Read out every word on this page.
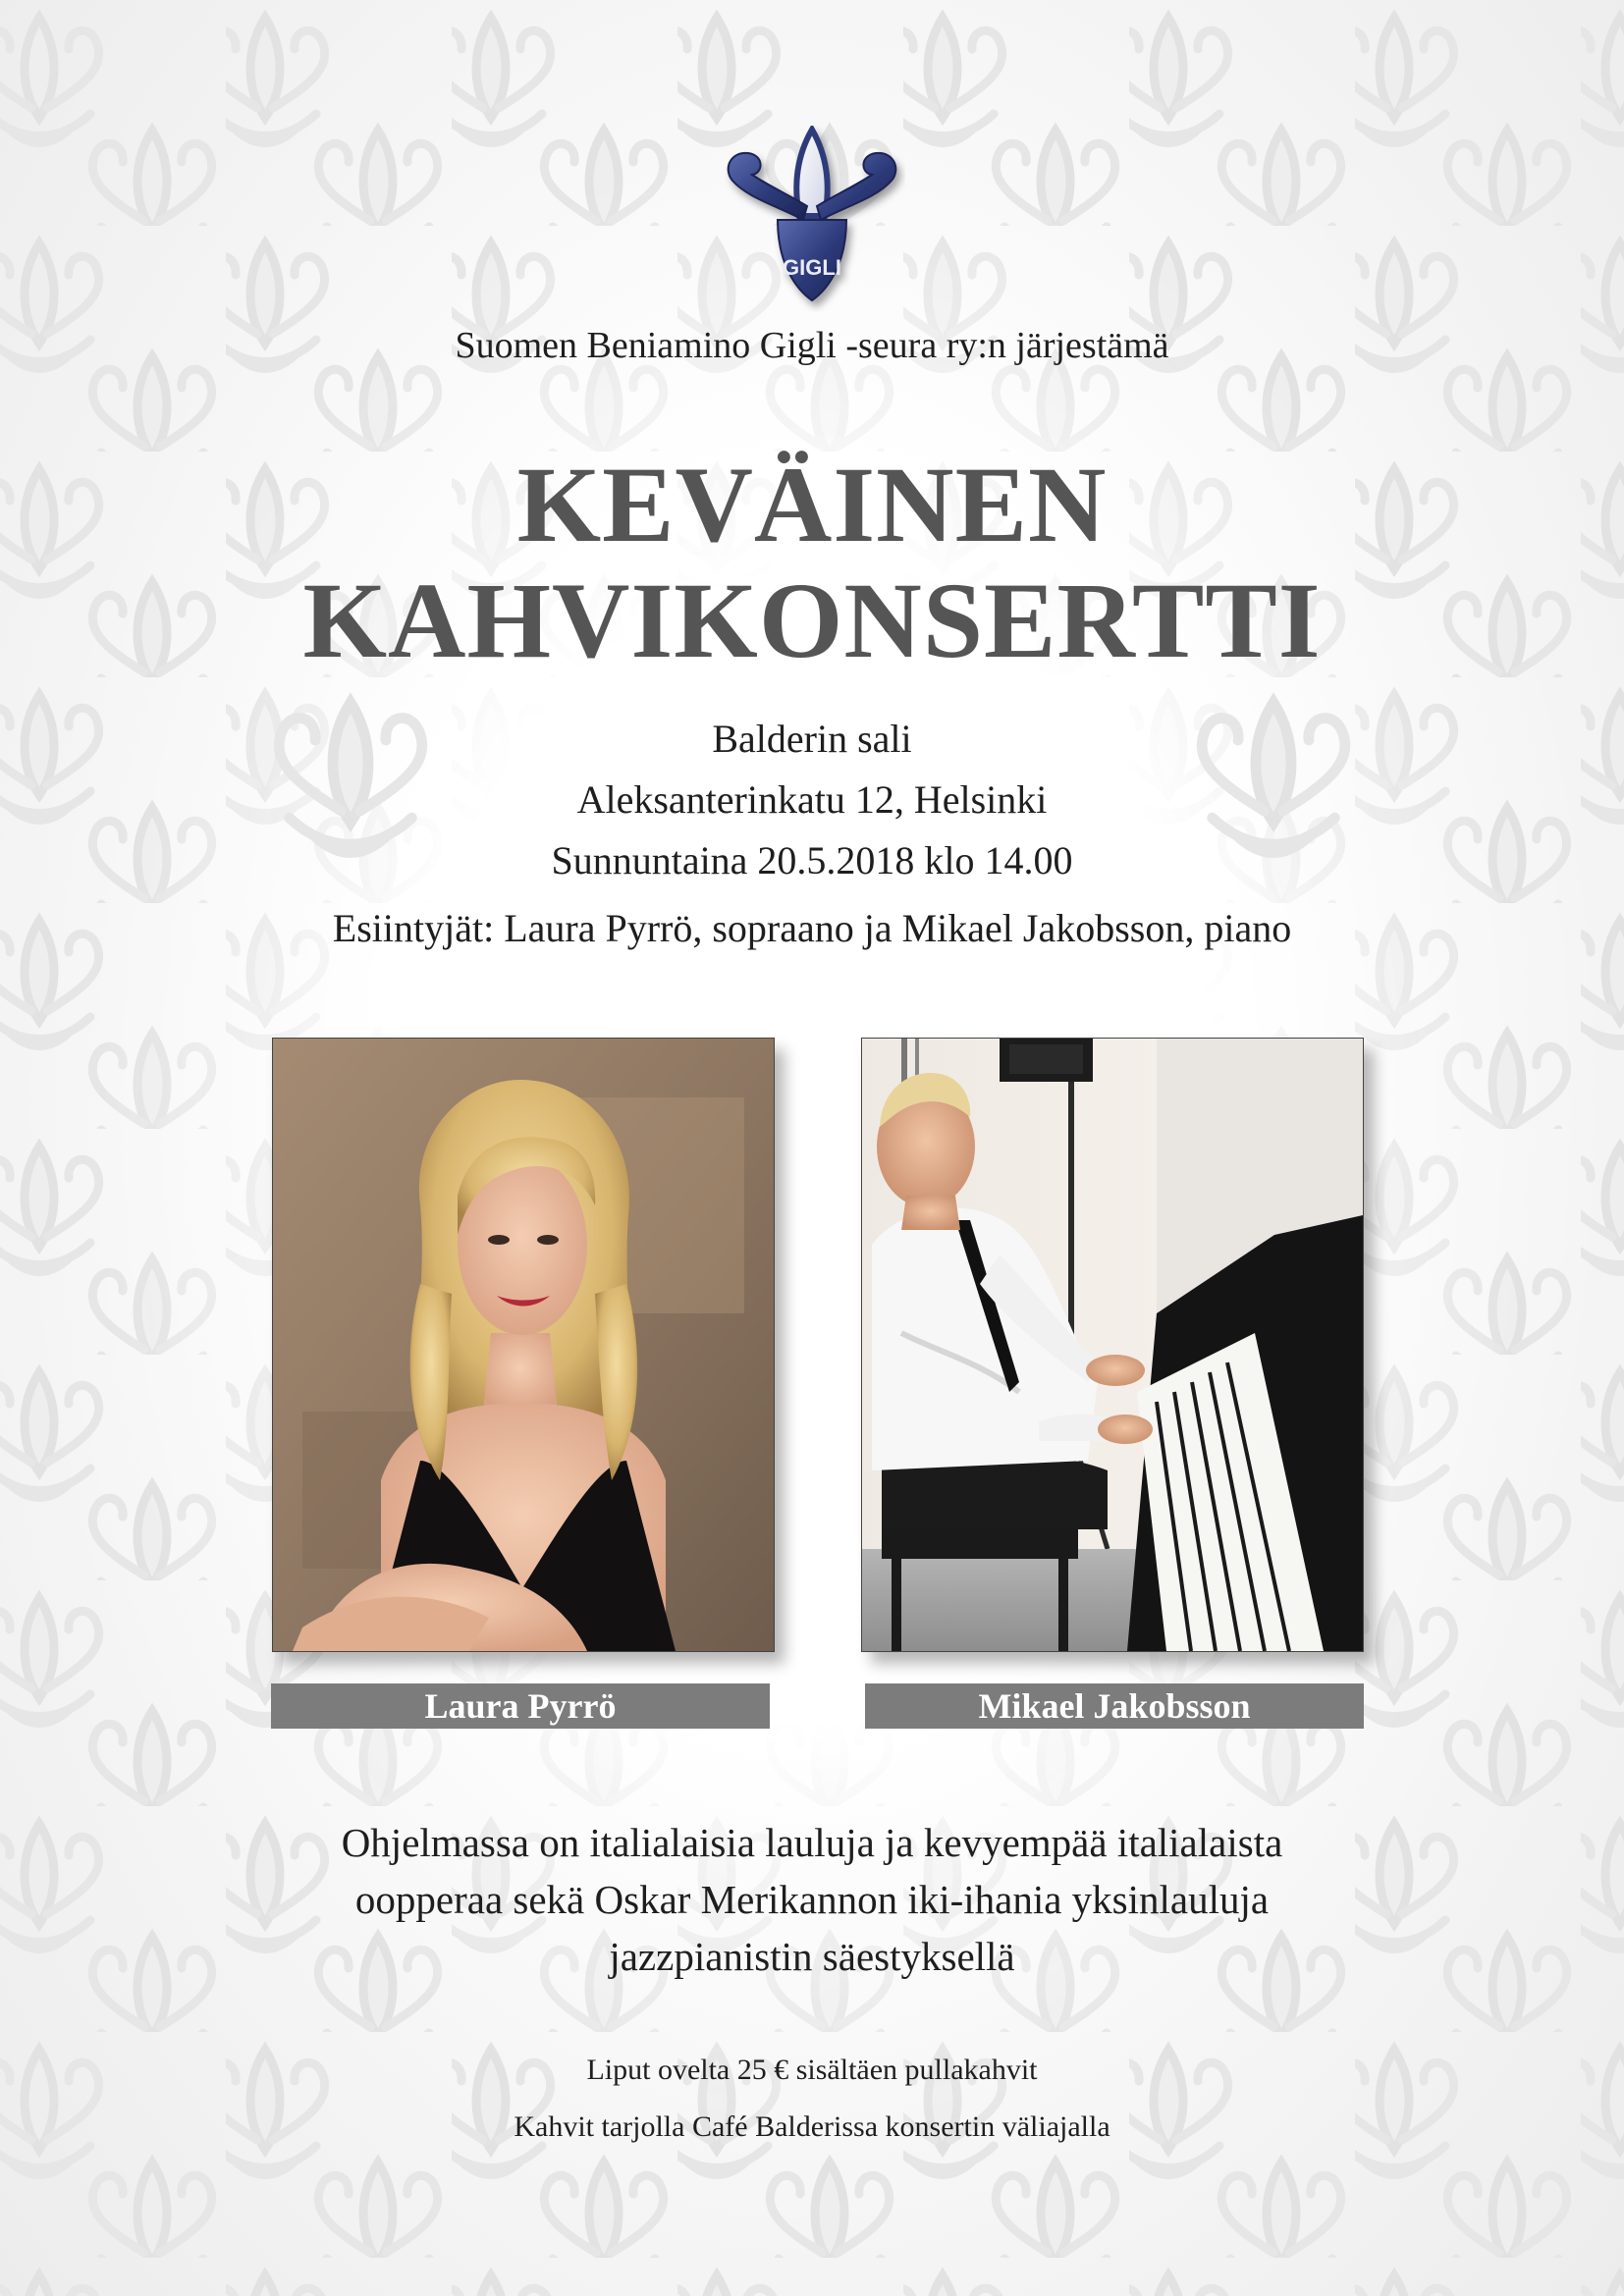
GIGLI
Suomen Beniamino Gigli -seura ry:n järjestämä
KEVÄINEN
KAHVIKONSERTTI
Balderin sali
Aleksanterinkatu 12, Helsinki
Sunnuntaina 20.5.2018 klo 14.00
Esiintyjät: Laura Pyrrö, sopraano ja Mikael Jakobsson, piano
Laura Pyrrö	Mikael Jakobsson
Ohjelmassa on italialaisia lauluja ja kevyempää italialaista
oopperaa sekä Oskar Merikannon iki-ihania yksinlauluja
jazzpianistin säestyksellä
Liput ovelta 25 € sisältäen pullakahvit
Kahvit tarjolla Café Balderissa konsertin väliajalla
